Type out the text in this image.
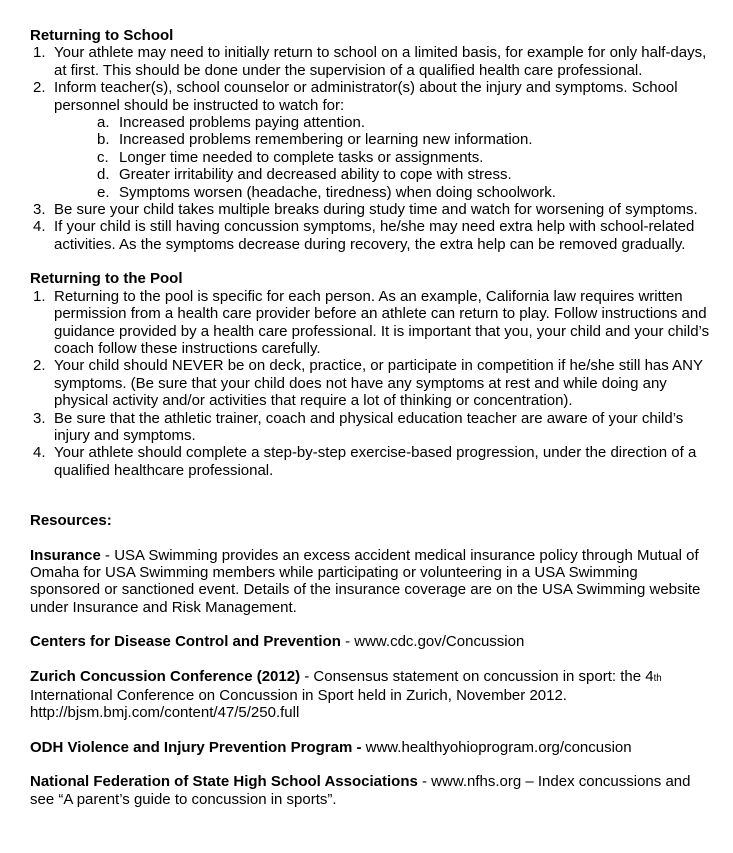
Returning to School
1. Your athlete may need to initially return to school on a limited basis, for example for only half-days, at first. This should be done under the supervision of a qualified health care professional.
2. Inform teacher(s), school counselor or administrator(s) about the injury and symptoms. School personnel should be instructed to watch for:
a. Increased problems paying attention.
b. Increased problems remembering or learning new information.
c. Longer time needed to complete tasks or assignments.
d. Greater irritability and decreased ability to cope with stress.
e. Symptoms worsen (headache, tiredness) when doing schoolwork.
3. Be sure your child takes multiple breaks during study time and watch for worsening of symptoms.
4. If your child is still having concussion symptoms, he/she may need extra help with school-related activities. As the symptoms decrease during recovery, the extra help can be removed gradually.
Returning to the Pool
1. Returning to the pool is specific for each person. As an example, California law requires written permission from a health care provider before an athlete can return to play. Follow instructions and guidance provided by a health care professional. It is important that you, your child and your child’s coach follow these instructions carefully.
2. Your child should NEVER be on deck, practice, or participate in competition if he/she still has ANY symptoms. (Be sure that your child does not have any symptoms at rest and while doing any physical activity and/or activities that require a lot of thinking or concentration).
3. Be sure that the athletic trainer, coach and physical education teacher are aware of your child’s injury and symptoms.
4. Your athlete should complete a step-by-step exercise-based progression, under the direction of a qualified healthcare professional.
Resources:

Insurance - USA Swimming provides an excess accident medical insurance policy through Mutual of Omaha for USA Swimming members while participating or volunteering in a USA Swimming sponsored or sanctioned event. Details of the insurance coverage are on the USA Swimming website under Insurance and Risk Management.

Centers for Disease Control and Prevention - www.cdc.gov/Concussion

Zurich Concussion Conference (2012) - Consensus statement on concussion in sport: the 4th International Conference on Concussion in Sport held in Zurich, November 2012. http://bjsm.bmj.com/content/47/5/250.full

ODH Violence and Injury Prevention Program - www.healthyohioprogram.org/concusion

National Federation of State High School Associations - www.nfhs.org – Index concussions and see “A parent’s guide to concussion in sports”.
